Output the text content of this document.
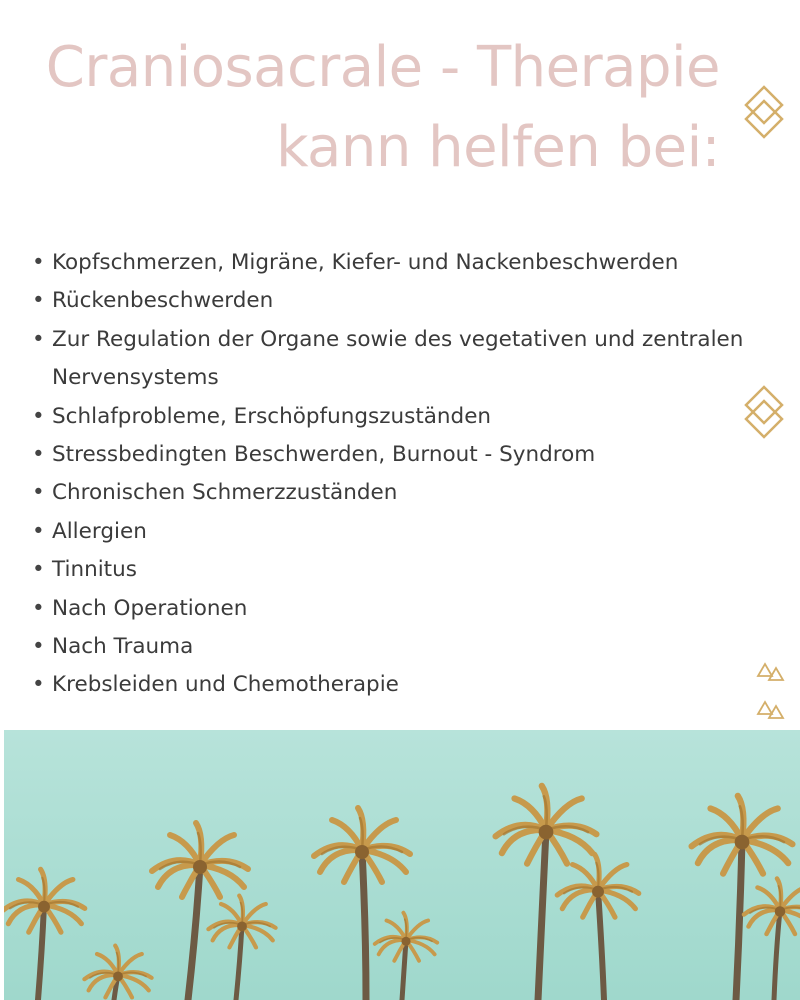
Craniosacrale - Therapie
kann helfen bei:
• Kopfschmerzen, Migräne, Kiefer- und Nackenbeschwerden
• Rückenbeschwerden
• Zur Regulation der Organe sowie des vegetativen und zentralen Nervensystems
• Schlafprobleme, Erschöpfungszuständen
• Stressbedingten Beschwerden, Burnout - Syndrom
• Chronischen Schmerzzuständen
• Allergien
• Tinnitus
• Nach Operationen
• Nach Trauma
• Krebsleiden und Chemotherapie
